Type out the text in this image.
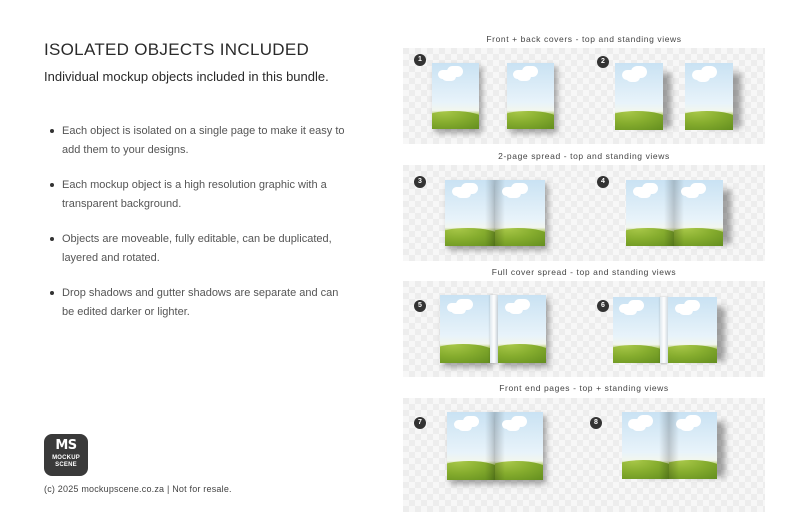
ISOLATED OBJECTS INCLUDED
Individual mockup objects included in this bundle.
Each object is isolated on a single page to make it easy to add them to your designs.
Each mockup object is a high resolution graphic with a transparent background.
Objects are moveable, fully editable, can be duplicated, layered and rotated.
Drop shadows and gutter shadows are separate and can be edited darker or lighter.
MS
MOCKUP
SCENE
(c) 2025 mockupscene.co.za | Not for resale.
Front + back covers - top and standing views
1	2
2-page spread - top and standing views
3	4
Full cover spread - top and standing views
5	6
Front end pages - top + standing views
7	8
